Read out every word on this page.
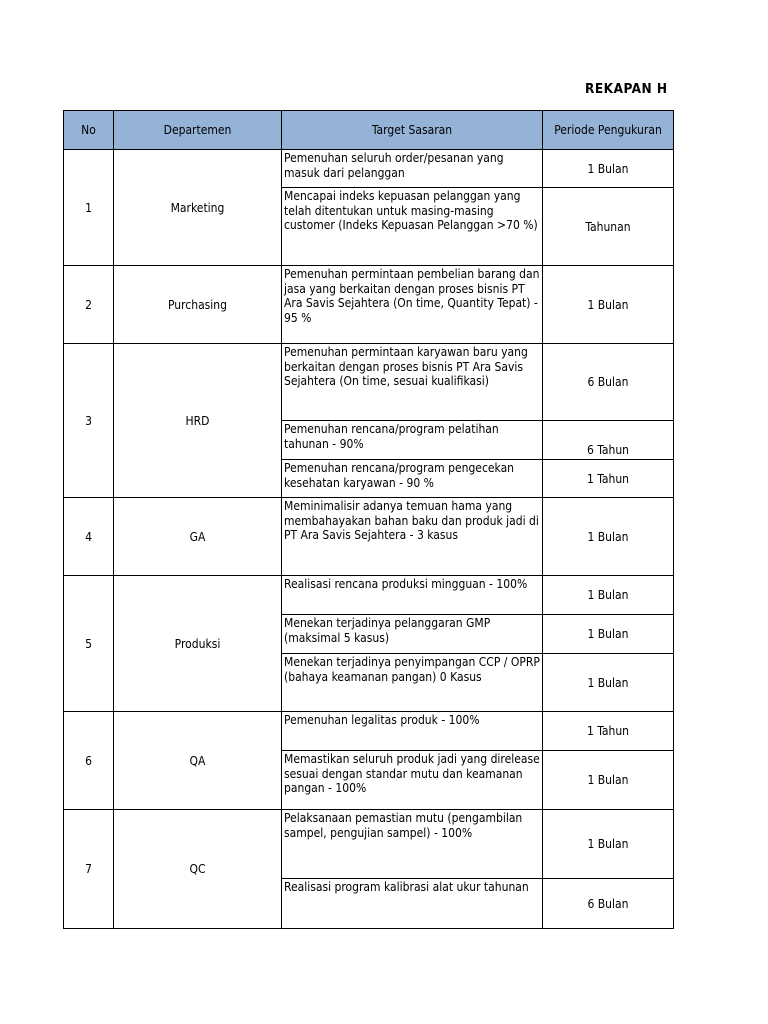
REKAPAN H
No	Departemen	Target Sasaran	Periode Pengukuran
1	Marketing	Pemenuhan seluruh order/pesanan yang masuk dari pelanggan	1 Bulan
		Mencapai indeks kepuasan pelanggan yang telah ditentukan untuk masing-masing customer (Indeks Kepuasan Pelanggan >70 %)	Tahunan
2	Purchasing	Pemenuhan permintaan pembelian barang dan jasa yang berkaitan dengan proses bisnis PT Ara Savis Sejahtera (On time, Quantity Tepat) - 95 %	1 Bulan
3	HRD	Pemenuhan permintaan karyawan baru yang berkaitan dengan proses bisnis PT Ara Savis Sejahtera (On time, sesuai kualifikasi)	6 Bulan
		Pemenuhan rencana/program pelatihan tahunan - 90%	6 Tahun
		Pemenuhan rencana/program pengecekan kesehatan karyawan - 90 %	1 Tahun
4	GA	Meminimalisir adanya temuan hama yang membahayakan bahan baku dan produk jadi di PT Ara Savis Sejahtera - 3 kasus	1 Bulan
5	Produksi	Realisasi rencana produksi mingguan - 100%	1 Bulan
		Menekan terjadinya pelanggaran GMP (maksimal 5 kasus)	1 Bulan
		Menekan terjadinya penyimpangan CCP / OPRP (bahaya keamanan pangan) 0 Kasus	1 Bulan
6	QA	Pemenuhan legalitas produk - 100%	1 Tahun
		Memastikan seluruh produk jadi yang direlease sesuai dengan standar mutu dan keamanan pangan - 100%	1 Bulan
7	QC	Pelaksanaan pemastian mutu (pengambilan sampel, pengujian sampel) - 100%	1 Bulan
		Realisasi program kalibrasi alat ukur tahunan	6 Bulan
